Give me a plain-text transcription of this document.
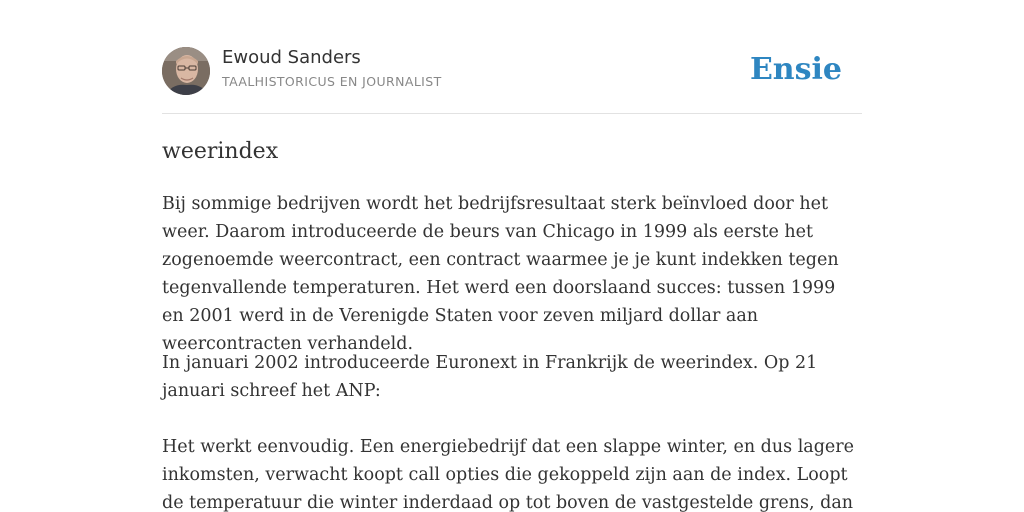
Ewoud Sanders
TAALHISTORICUS EN JOURNALIST	Ensie
weerindex

Bij sommige bedrijven wordt het bedrijfsresultaat sterk beïnvloed door het weer. Daarom introduceerde de beurs van Chicago in 1999 als eerste het zogenoemde weercontract, een contract waarmee je je kunt indekken tegen tegenvallende temperaturen. Het werd een doorslaand succes: tussen 1999 en 2001 werd in de Verenigde Staten voor zeven miljard dollar aan weercontracten verhandeld.

In januari 2002 introduceerde Euronext in Frankrijk de weerindex. Op 21 januari schreef het ANP:

Het werkt eenvoudig. Een energiebedrijf dat een slappe winter, en dus lagere inkomsten, verwacht koopt call opties die gekoppeld zijn aan de index. Loopt de temperatuur die winter inderdaad op tot boven de vastgestelde grens, dan
